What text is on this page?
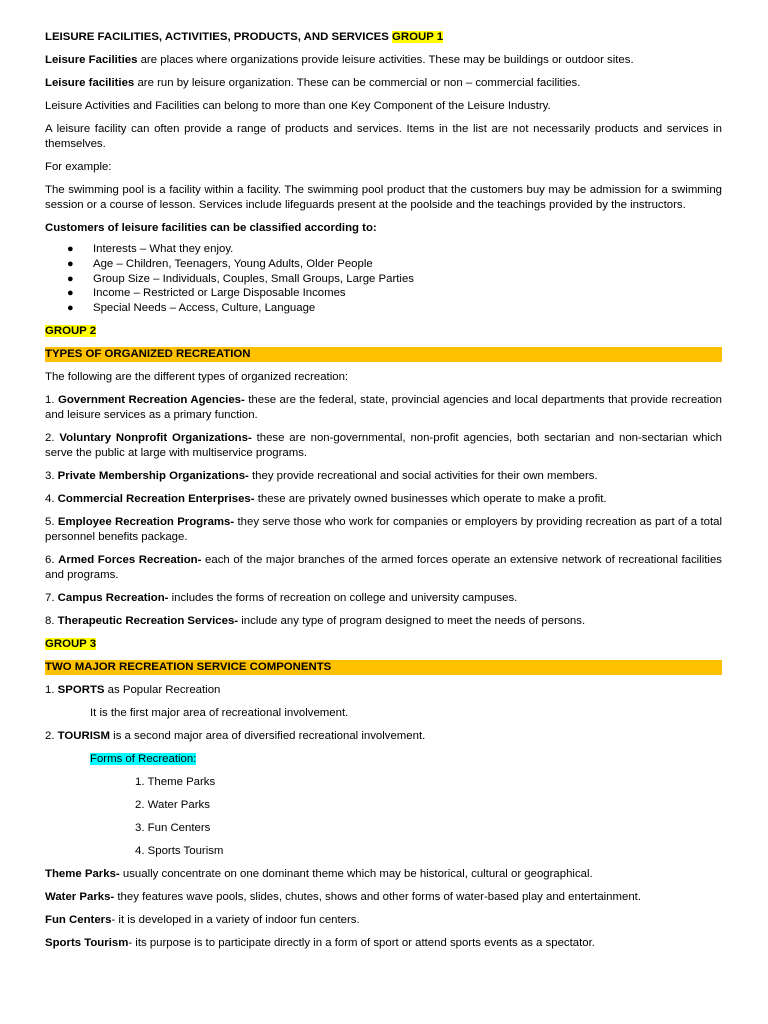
LEISURE FACILITIES, ACTIVITIES, PRODUCTS, AND SERVICES GROUP 1

Leisure Facilities are places where organizations provide leisure activities. These may be buildings or outdoor sites.

Leisure facilities are run by leisure organization. These can be commercial or non – commercial facilities.

Leisure Activities and Facilities can belong to more than one Key Component of the Leisure Industry.

A leisure facility can often provide a range of products and services. Items in the list are not necessarily products and services in themselves.

For example:

The swimming pool is a facility within a facility. The swimming pool product that the customers buy may be admission for a swimming session or a course of lesson. Services include lifeguards present at the poolside and the teachings provided by the instructors.

Customers of leisure facilities can be classified according to:

● Interests – What they enjoy.
● Age – Children, Teenagers, Young Adults, Older People
● Group Size – Individuals, Couples, Small Groups, Large Parties
● Income – Restricted or Large Disposable Incomes
● Special Needs – Access, Culture, Language

GROUP 2

TYPES OF ORGANIZED RECREATION

The following are the different types of organized recreation:

1. Government Recreation Agencies- these are the federal, state, provincial agencies and local departments that provide recreation and leisure services as a primary function.

2. Voluntary Nonprofit Organizations- these are non-governmental, non-profit agencies, both sectarian and non-sectarian which serve the public at large with multiservice programs.

3. Private Membership Organizations- they provide recreational and social activities for their own members.

4. Commercial Recreation Enterprises- these are privately owned businesses which operate to make a profit.

5. Employee Recreation Programs- they serve those who work for companies or employers by providing recreation as part of a total personnel benefits package.

6. Armed Forces Recreation- each of the major branches of the armed forces operate an extensive network of recreational facilities and programs.

7. Campus Recreation- includes the forms of recreation on college and university campuses.

8. Therapeutic Recreation Services- include any type of program designed to meet the needs of persons.

GROUP 3

TWO MAJOR RECREATION SERVICE COMPONENTS

1. SPORTS as Popular Recreation

It is the first major area of recreational involvement.

2. TOURISM is a second major area of diversified recreational involvement.

Forms of Recreation:

1. Theme Parks

2. Water Parks

3. Fun Centers

4. Sports Tourism

Theme Parks- usually concentrate on one dominant theme which may be historical, cultural or geographical.

Water Parks- they features wave pools, slides, chutes, shows and other forms of water-based play and entertainment.

Fun Centers- it is developed in a variety of indoor fun centers.

Sports Tourism- its purpose is to participate directly in a form of sport or attend sports events as a spectator.
